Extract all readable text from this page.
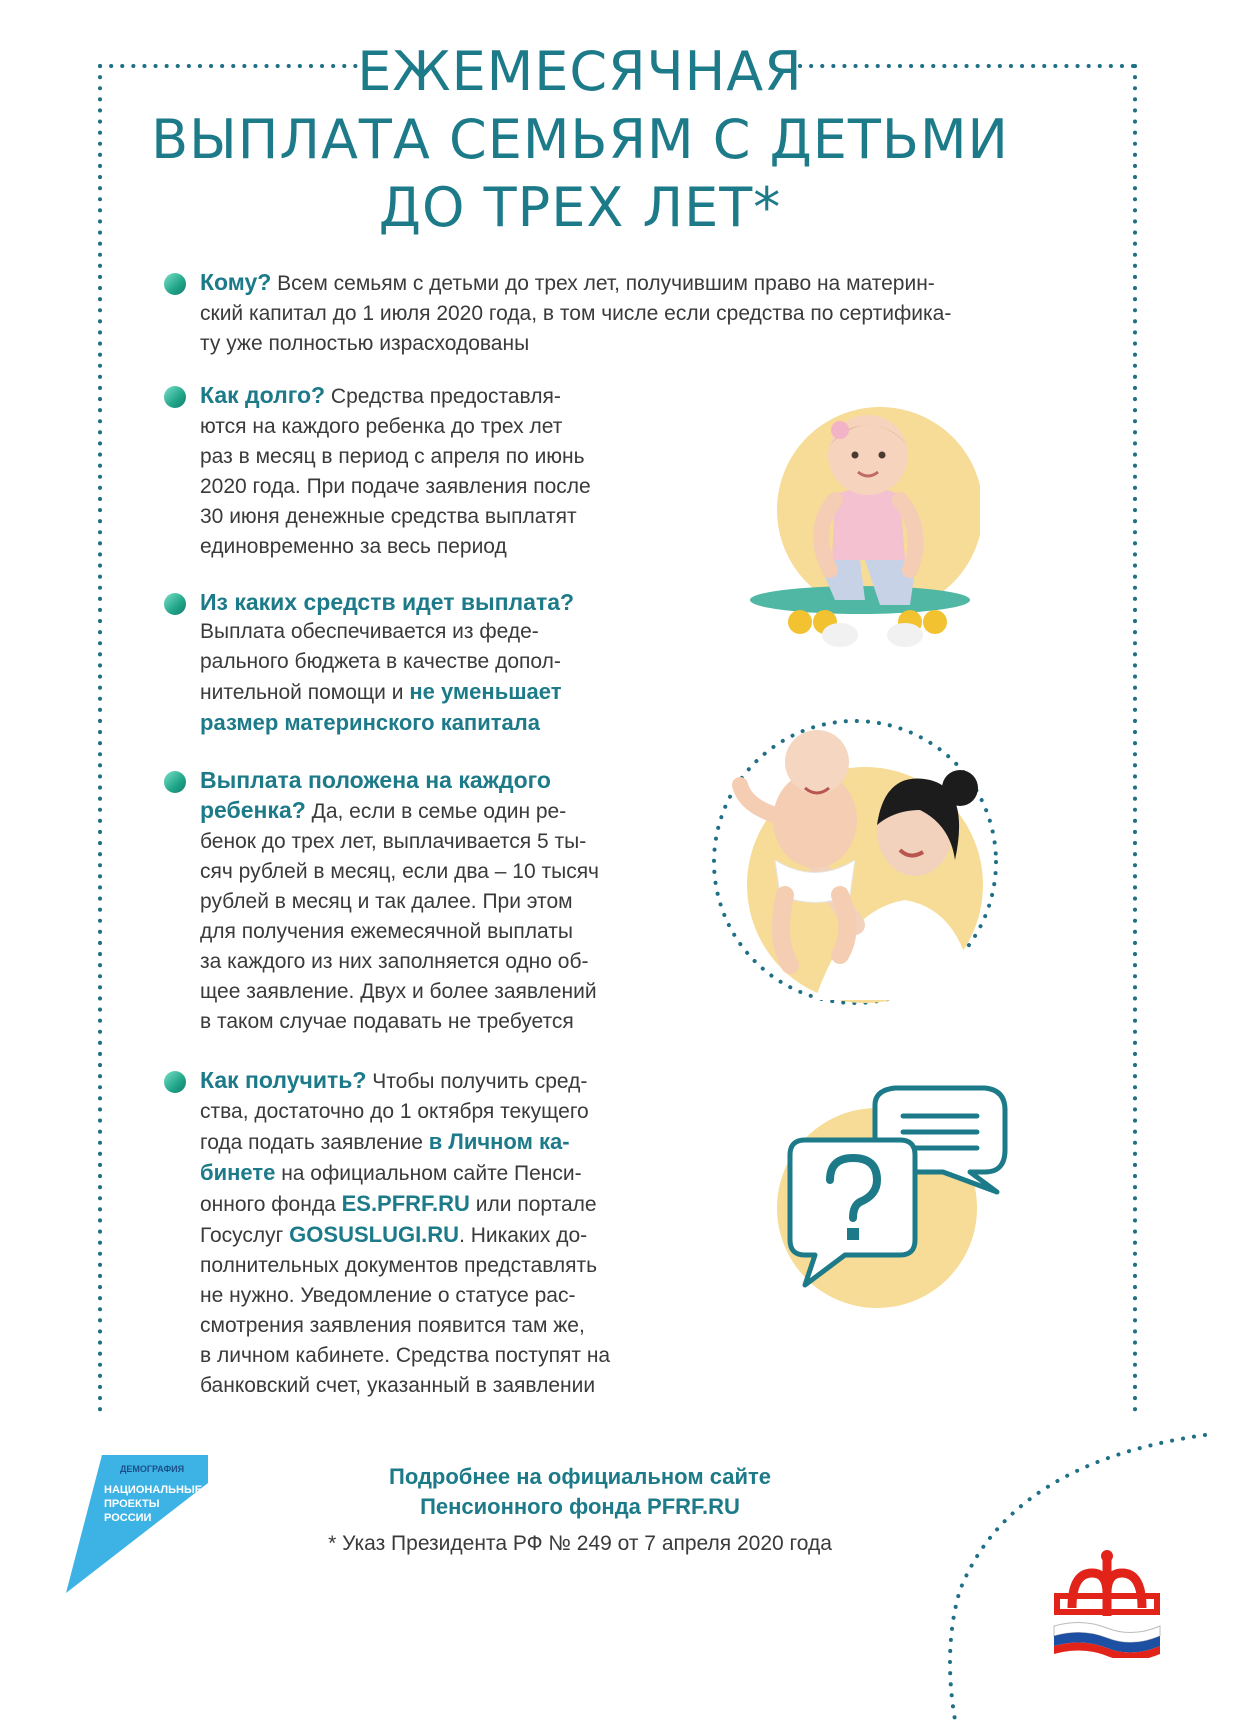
ЕЖЕМЕСЯЧНАЯ
ВЫПЛАТА СЕМЬЯМ С ДЕТЬМИ
ДО ТРЕХ ЛЕТ*
Кому? Всем семьям с детьми до трех лет, получившим право на материн-
ский капитал до 1 июля 2020 года, в том числе если средства по сертифика-
ту уже полностью израсходованы
Как долго? Средства предоставля-
ются на каждого ребенка до трех лет
раз в месяц в период с апреля по июнь
2020 года. При подаче заявления после
30 июня денежные средства выплатят
единовременно за весь период
Из каких средств идет выплата?
Выплата обеспечивается из феде-
рального бюджета в качестве допол-
нительной помощи и не уменьшает
размер материнского капитала
Выплата положена на каждого
ребенка? Да, если в семье один ре-
бенок до трех лет, выплачивается 5 ты-
сяч рублей в месяц, если два – 10 тысяч
рублей в месяц и так далее. При этом
для получения ежемесячной выплаты
за каждого из них заполняется одно об-
щее заявление. Двух и более заявлений
в таком случае подавать не требуется
Как получить? Чтобы получить сред-
ства, достаточно до 1 октября текущего
года подать заявление в Личном ка-
бинете на официальном сайте Пенси-
онного фонда ES.PFRF.RU или портале
Госуслуг GOSUSLUGI.RU. Никаких до-
полнительных документов представлять
не нужно. Уведомление о статусе рас-
смотрения заявления появится там же,
в личном кабинете. Средства поступят на
банковский счет, указанный в заявлении
Подробнее на официальном сайте
Пенсионного фонда PFRF.RU
* Указ Президента РФ № 249 от 7 апреля 2020 года
ДЕМОГРАФИЯ
НАЦИОНАЛЬНЫЕ
ПРОЕКТЫ
РОССИИ
